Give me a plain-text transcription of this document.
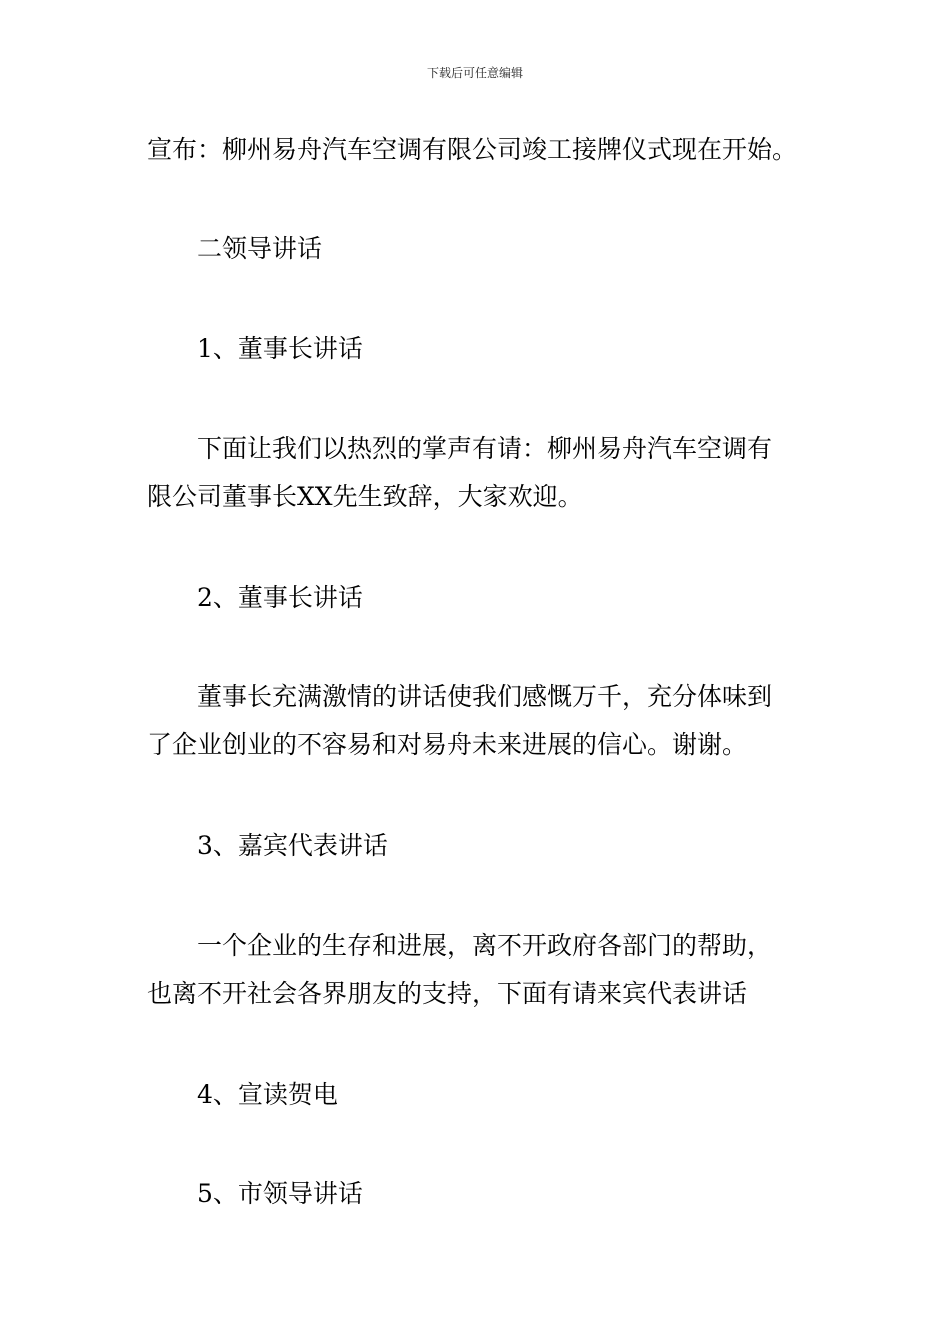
下载后可任意编辑

宣布：柳州易舟汽车空调有限公司竣工接牌仪式现在开始。

二领导讲话

1、董事长讲话

下面让我们以热烈的掌声有请：柳州易舟汽车空调有
限公司董事长XX先生致辞，大家欢迎。

2、董事长讲话

董事长充满激情的讲话使我们感慨万千，充分体味到
了企业创业的不容易和对易舟未来进展的信心。谢谢。

3、嘉宾代表讲话

一个企业的生存和进展，离不开政府各部门的帮助，
也离不开社会各界朋友的支持，下面有请来宾代表讲话

4、宣读贺电

5、市领导讲话
